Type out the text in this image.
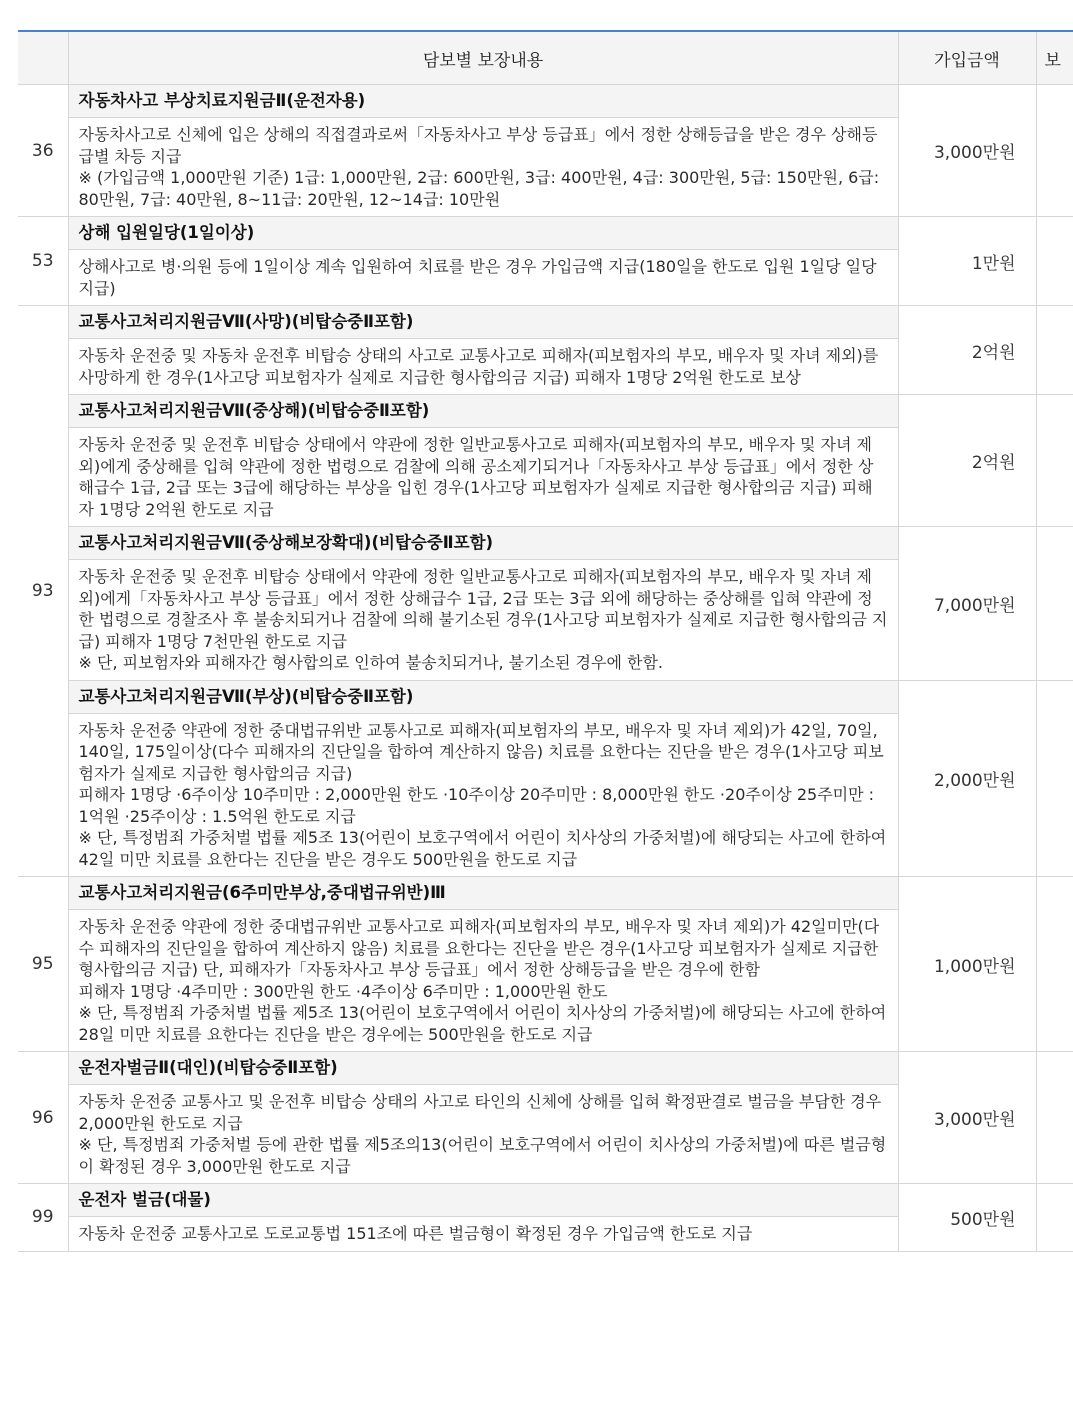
	담보별 보장내용	가입금액	보
36	자동차사고 부상치료지원금Ⅱ(운전자용)

자동차사고로 신체에 입은 상해의 직접결과로써「자동차사고 부상 등급표」에서 정한 상해등급을 받은 경우 상해등급별 차등 지급

※ (가입금액 1,000만원 기준) 1급: 1,000만원, 2급: 600만원, 3급: 400만원, 4급: 300만원, 5급: 150만원, 6급: 80만원, 7급: 40만원, 8~11급: 20만원, 12~14급: 10만원	3,000만원	
53	상해 입원일당(1일이상)

상해사고로 병·의원 등에 1일이상 계속 입원하여 치료를 받은 경우 가입금액 지급(180일을 한도로 입원 1일당 일당지급)	1만원	
93	교통사고처리지원금Ⅶ(사망)(비탑승중Ⅱ포함)

자동차 운전중 및 자동차 운전후 비탑승 상태의 사고로 교통사고로 피해자(피보험자의 부모, 배우자 및 자녀 제외)를 사망하게 한 경우(1사고당 피보험자가 실제로 지급한 형사합의금 지급) 피해자 1명당 2억원 한도로 보상	2억원	

	교통사고처리지원금Ⅶ(중상해)(비탑승중Ⅱ포함)

자동차 운전중 및 운전후 비탑승 상태에서 약관에 정한 일반교통사고로 피해자(피보험자의 부모, 배우자 및 자녀 제외)에게 중상해를 입혀 약관에 정한 법령으로 검찰에 의해 공소제기되거나「자동차사고 부상 등급표」에서 정한 상해급수 1급, 2급 또는 3급에 해당하는 부상을 입힌 경우(1사고당 피보험자가 실제로 지급한 형사합의금 지급) 피해자 1명당 2억원 한도로 지급	2억원	

	교통사고처리지원금Ⅶ(중상해보장확대)(비탑승중Ⅱ포함)

자동차 운전중 및 운전후 비탑승 상태에서 약관에 정한 일반교통사고로 피해자(피보험자의 부모, 배우자 및 자녀 제외)에게「자동차사고 부상 등급표」에서 정한 상해급수 1급, 2급 또는 3급 외에 해당하는 중상해를 입혀 약관에 정한 법령으로 경찰조사 후 불송치되거나 검찰에 의해 불기소된 경우(1사고당 피보험자가 실제로 지급한 형사합의금 지급) 피해자 1명당 7천만원 한도로 지급

※ 단, 피보험자와 피해자간 형사합의로 인하여 불송치되거나, 불기소된 경우에 한함.	7,000만원	

	교통사고처리지원금Ⅶ(부상)(비탑승중Ⅱ포함)

자동차 운전중 약관에 정한 중대법규위반 교통사고로 피해자(피보험자의 부모, 배우자 및 자녀 제외)가 42일, 70일, 140일, 175일이상(다수 피해자의 진단일을 합하여 계산하지 않음) 치료를 요한다는 진단을 받은 경우(1사고당 피보험자가 실제로 지급한 형사합의금 지급)

피해자 1명당 ·6주이상 10주미만 : 2,000만원 한도 ·10주이상 20주미만 : 8,000만원 한도 ·20주이상 25주미만 : 1억원 ·25주이상 : 1.5억원 한도로 지급

※ 단, 특정범죄 가중처벌 법률 제5조 13(어린이 보호구역에서 어린이 치사상의 가중처벌)에 해당되는 사고에 한하여 42일 미만 치료를 요한다는 진단을 받은 경우도 500만원을 한도로 지급	2,000만원	
95	교통사고처리지원금(6주미만부상,중대법규위반)Ⅲ

자동차 운전중 약관에 정한 중대법규위반 교통사고로 피해자(피보험자의 부모, 배우자 및 자녀 제외)가 42일미만(다수 피해자의 진단일을 합하여 계산하지 않음) 치료를 요한다는 진단을 받은 경우(1사고당 피보험자가 실제로 지급한 형사합의금 지급) 단, 피해자가「자동차사고 부상 등급표」에서 정한 상해등급을 받은 경우에 한함

피해자 1명당 ·4주미만 : 300만원 한도 ·4주이상 6주미만 : 1,000만원 한도

※ 단, 특정범죄 가중처벌 법률 제5조 13(어린이 보호구역에서 어린이 치사상의 가중처벌)에 해당되는 사고에 한하여 28일 미만 치료를 요한다는 진단을 받은 경우에는 500만원을 한도로 지급	1,000만원	
96	운전자벌금Ⅱ(대인)(비탑승중Ⅱ포함)

자동차 운전중 교통사고 및 운전후 비탑승 상태의 사고로 타인의 신체에 상해를 입혀 확정판결로 벌금을 부담한 경우 2,000만원 한도로 지급

※ 단, 특정범죄 가중처벌 등에 관한 법률 제5조의13(어린이 보호구역에서 어린이 치사상의 가중처벌)에 따른 벌금형이 확정된 경우 3,000만원 한도로 지급	3,000만원	
99	운전자 벌금(대물)

자동차 운전중 교통사고로 도로교통법 151조에 따른 벌금형이 확정된 경우 가입금액 한도로 지급	500만원	
